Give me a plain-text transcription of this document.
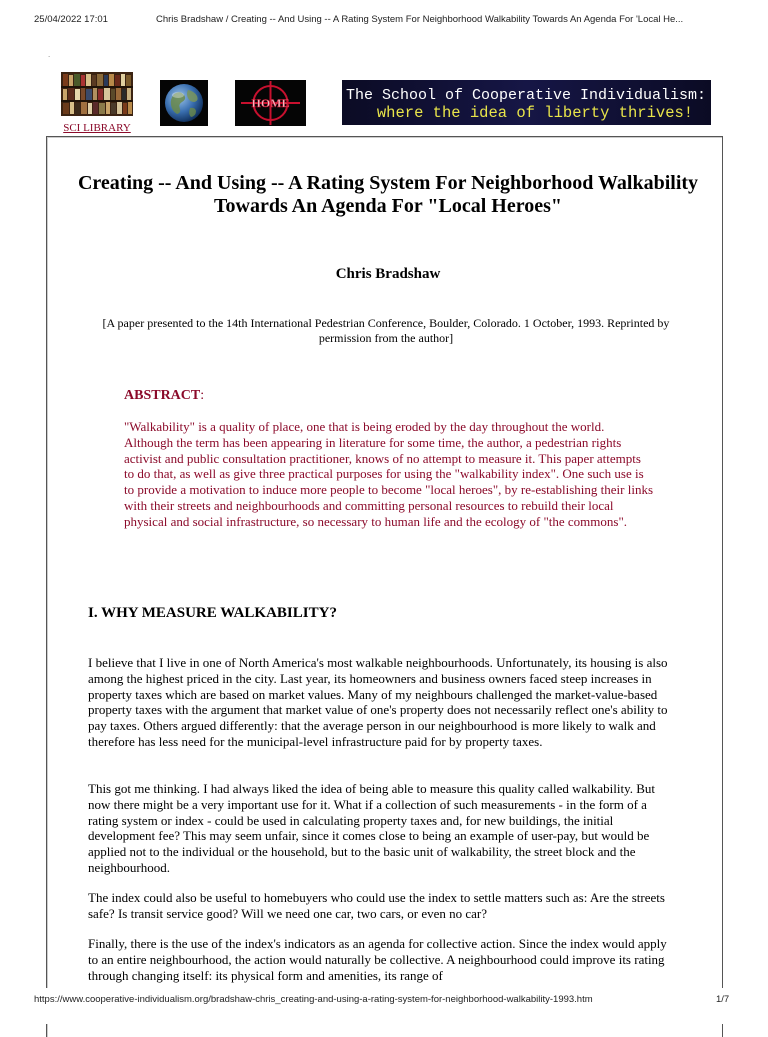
25/04/2022 17:01	Chris Bradshaw / Creating -- And Using -- A Rating System For Neighborhood Walkability Towards An Agenda For 'Local He...
.
SCI LIBRARY
HOME	The School of Cooperative Individualism:
where the idea of liberty thrives!
Creating -- And Using -- A Rating System For Neighborhood Walkability Towards An Agenda For "Local Heroes"

Chris Bradshaw

[A paper presented to the 14th International Pedestrian Conference, Boulder, Colorado. 1 October, 1993. Reprinted by permission from the author]

ABSTRACT:

"Walkability" is a quality of place, one that is being eroded by the day throughout the world. Although the term has been appearing in literature for some time, the author, a pedestrian rights activist and public consultation practitioner, knows of no attempt to measure it. This paper attempts to do that, as well as give three practical purposes for using the "walkability index". One such use is to provide a motivation to induce more people to become "local heroes", by re-establishing their links with their streets and neighbourhoods and committing personal resources to rebuild their local physical and social infrastructure, so necessary to human life and the ecology of "the commons".

I. WHY MEASURE WALKABILITY?

I believe that I live in one of North America's most walkable neighbourhoods. Unfortunately, its housing is also among the highest priced in the city. Last year, its homeowners and business owners faced steep increases in property taxes which are based on market values. Many of my neighbours challenged the market-value-based property taxes with the argument that market value of one's property does not necessarily reflect one's ability to pay taxes. Others argued differently: that the average person in our neighbourhood is more likely to walk and therefore has less need for the municipal-level infrastructure paid for by property taxes.

This got me thinking. I had always liked the idea of being able to measure this quality called walkability. But now there might be a very important use for it. What if a collection of such measurements - in the form of a rating system or index - could be used in calculating property taxes and, for new buildings, the initial development fee? This may seem unfair, since it comes close to being an example of user-pay, but would be applied not to the individual or the household, but to the basic unit of walkability, the street block and the neighbourhood.

The index could also be useful to homebuyers who could use the index to settle matters such as: Are the streets safe? Is transit service good? Will we need one car, two cars, or even no car?

Finally, there is the use of the index's indicators as an agenda for collective action. Since the index would apply to an entire neighbourhood, the action would naturally be collective. A neighbourhood could improve its rating through changing itself: its physical form and amenities, its range of

https://www.cooperative-individualism.org/bradshaw-chris_creating-and-using-a-rating-system-for-neighborhood-walkability-1993.htm	1/7
